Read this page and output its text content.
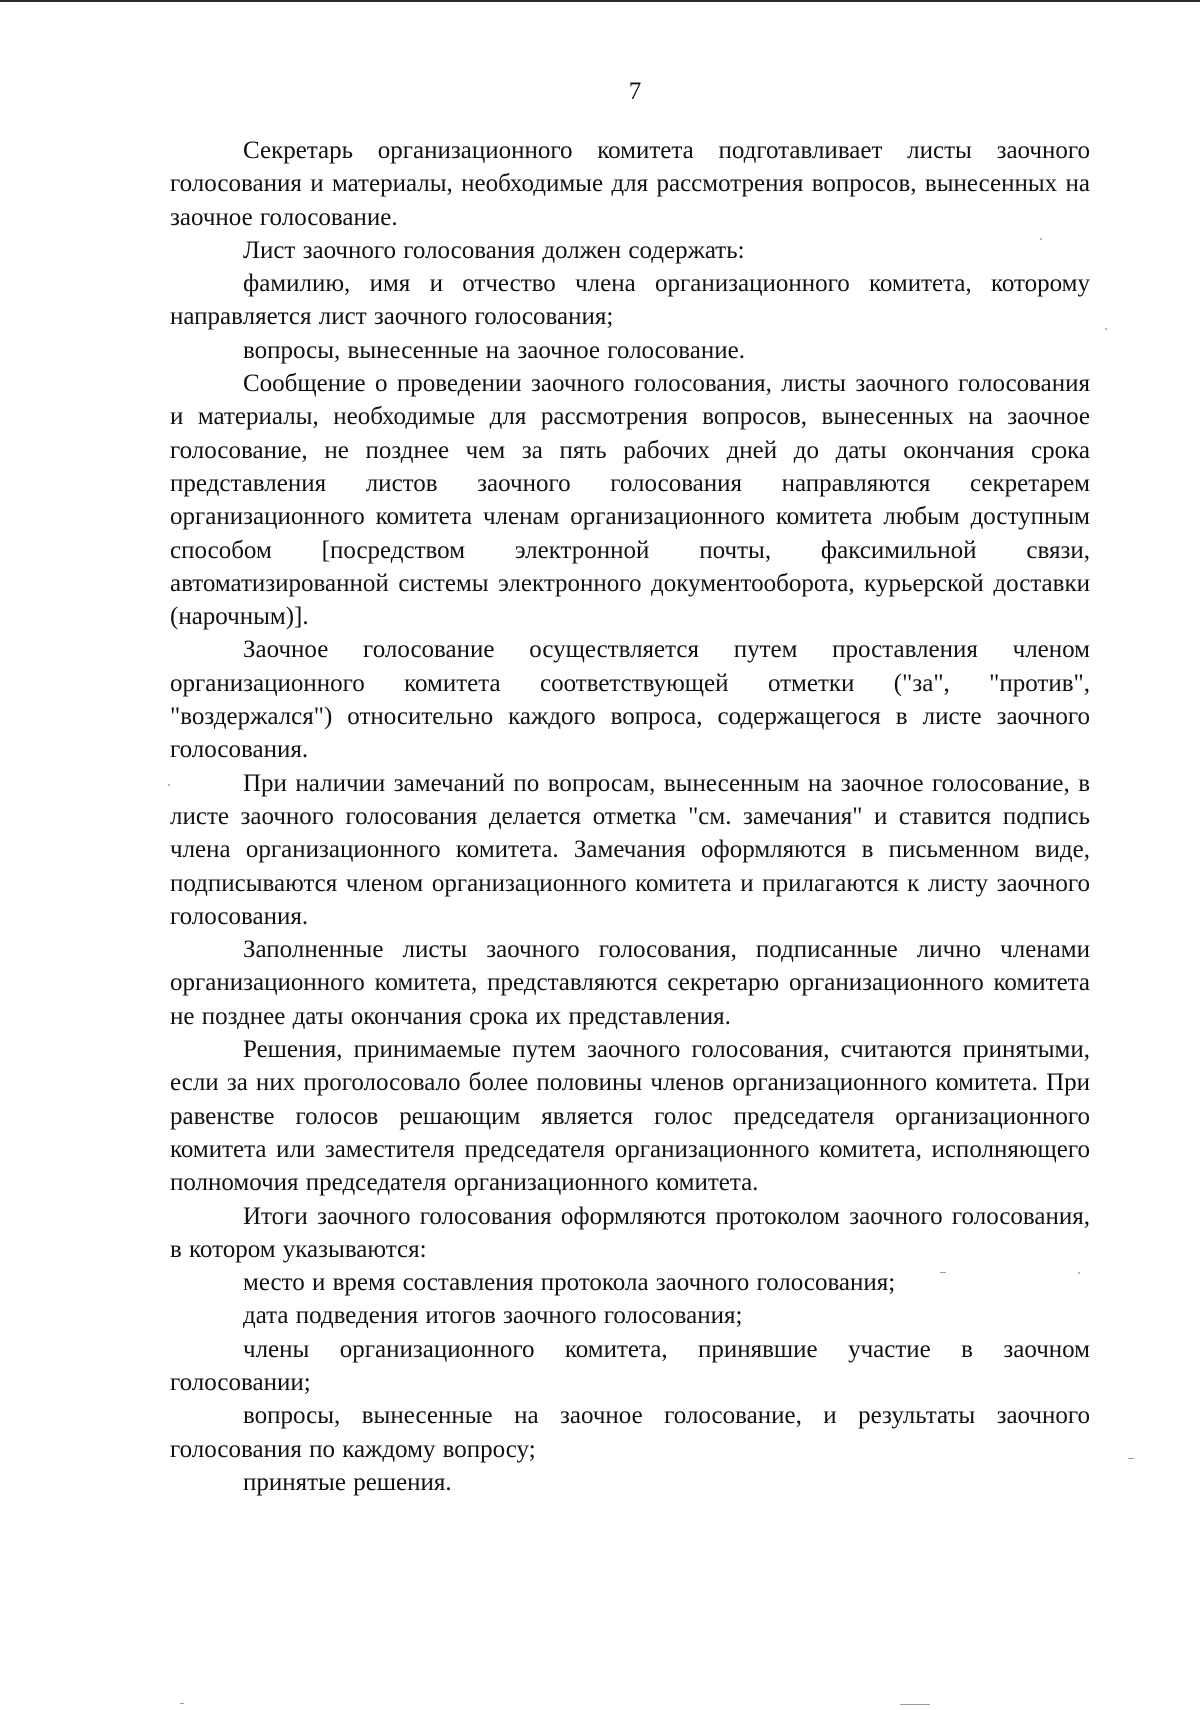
7

Секретарь организационного комитета подготавливает листы заочного голосования и материалы, необходимые для рассмотрения вопросов, вынесенных на заочное голосование.

Лист заочного голосования должен содержать:

фамилию, имя и отчество члена организационного комитета, которому направляется лист заочного голосования;

вопросы, вынесенные на заочное голосование.

Сообщение о проведении заочного голосования, листы заочного голосования и материалы, необходимые для рассмотрения вопросов, вынесенных на заочное голосование, не позднее чем за пять рабочих дней до даты окончания срока представления листов заочного голосования направляются секретарем организационного комитета членам организационного комитета любым доступным способом [посредством электронной почты, факсимильной связи, автоматизированной системы электронного документооборота, курьерской доставки (нарочным)].

Заочное голосование осуществляется путем проставления членом организационного комитета соответствующей отметки ("за", "против", "воздержался") относительно каждого вопроса, содержащегося в листе заочного голосования.

При наличии замечаний по вопросам, вынесенным на заочное голосование, в листе заочного голосования делается отметка "см. замечания" и ставится подпись члена организационного комитета. Замечания оформляются в письменном виде, подписываются членом организационного комитета и прилагаются к листу заочного голосования.

Заполненные листы заочного голосования, подписанные лично членами организационного комитета, представляются секретарю организационного комитета не позднее даты окончания срока их представления.

Решения, принимаемые путем заочного голосования, считаются принятыми, если за них проголосовало более половины членов организационного комитета. При равенстве голосов решающим является голос председателя организационного комитета или заместителя председателя организационного комитета, исполняющего полномочия председателя организационного комитета.

Итоги заочного голосования оформляются протоколом заочного голосования, в котором указываются:

место и время составления протокола заочного голосования;

дата подведения итогов заочного голосования;

члены организационного комитета, принявшие участие в заочном голосовании;

вопросы, вынесенные на заочное голосование, и результаты заочного голосования по каждому вопросу;

принятые решения.
